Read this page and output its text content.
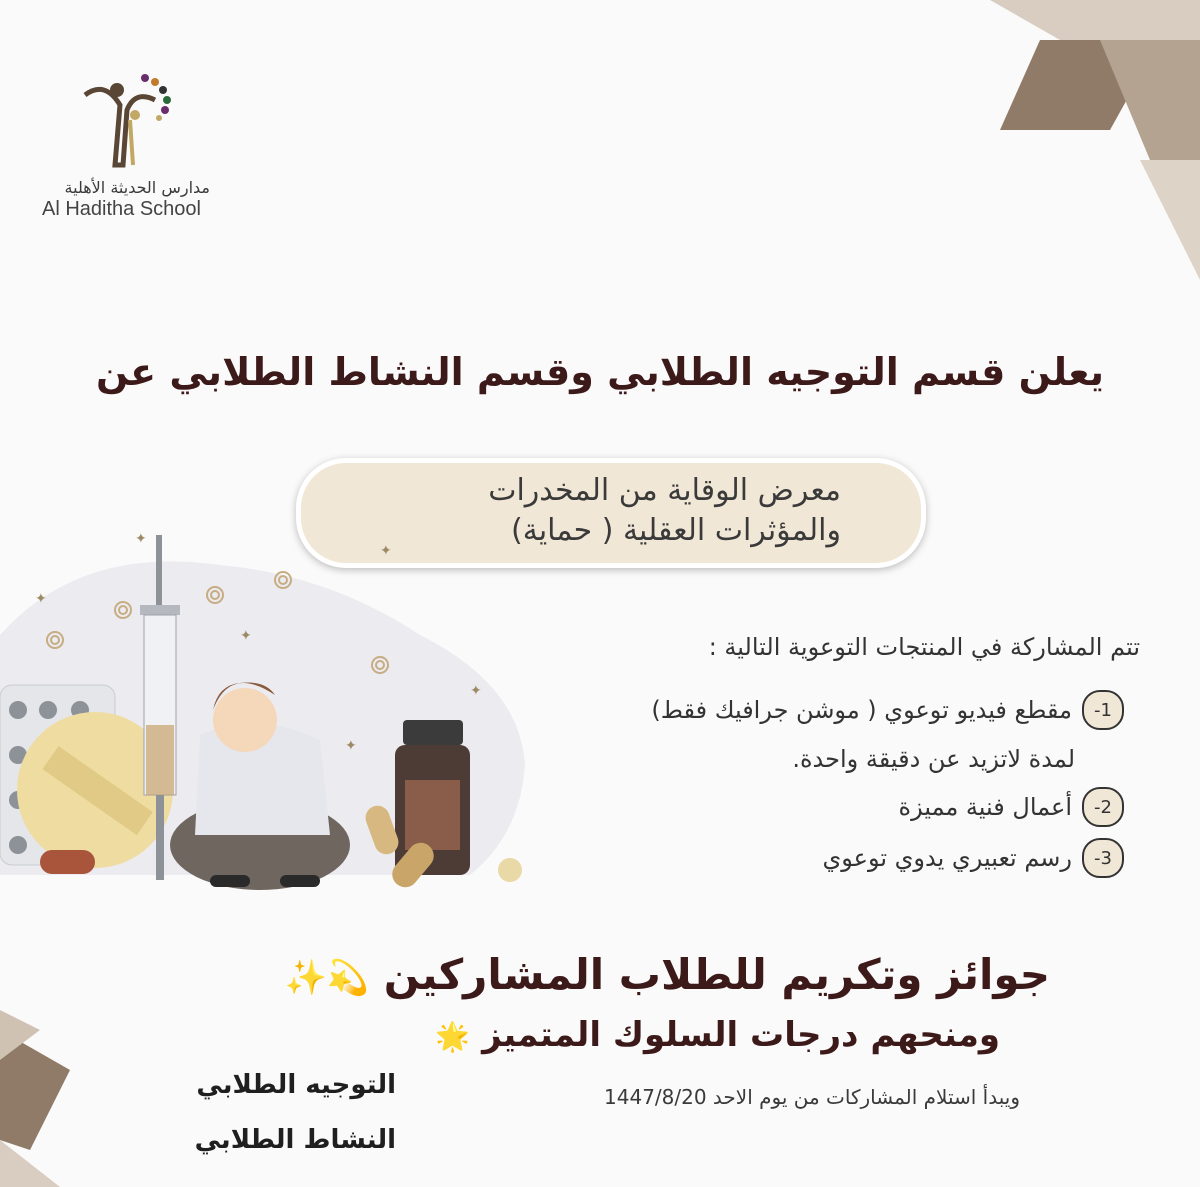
مدارس الحديثة الأهلية
Al Haditha School
يعلن قسم التوجيه الطلابي وقسم النشاط الطلابي عن
معرض الوقاية من المخدرات
والمؤثرات العقلية ( حماية)
✦
✦
✦
✦
✦
✦
تتم المشاركة في المنتجات التوعوية التالية :
1-
مقطع فيديو توعوي ( موشن جرافيك فقط)
لمدة لاتزيد عن دقيقة واحدة.
2-
أعمال فنية مميزة
3-
رسم تعبيري يدوي توعوي
جوائز وتكريم للطلاب المشاركين 💫✨
ومنحهم درجات السلوك المتميز 🌟
ويبدأ استلام المشاركات من يوم الاحد 1447/8/20
التوجيه الطلابي
النشاط الطلابي
